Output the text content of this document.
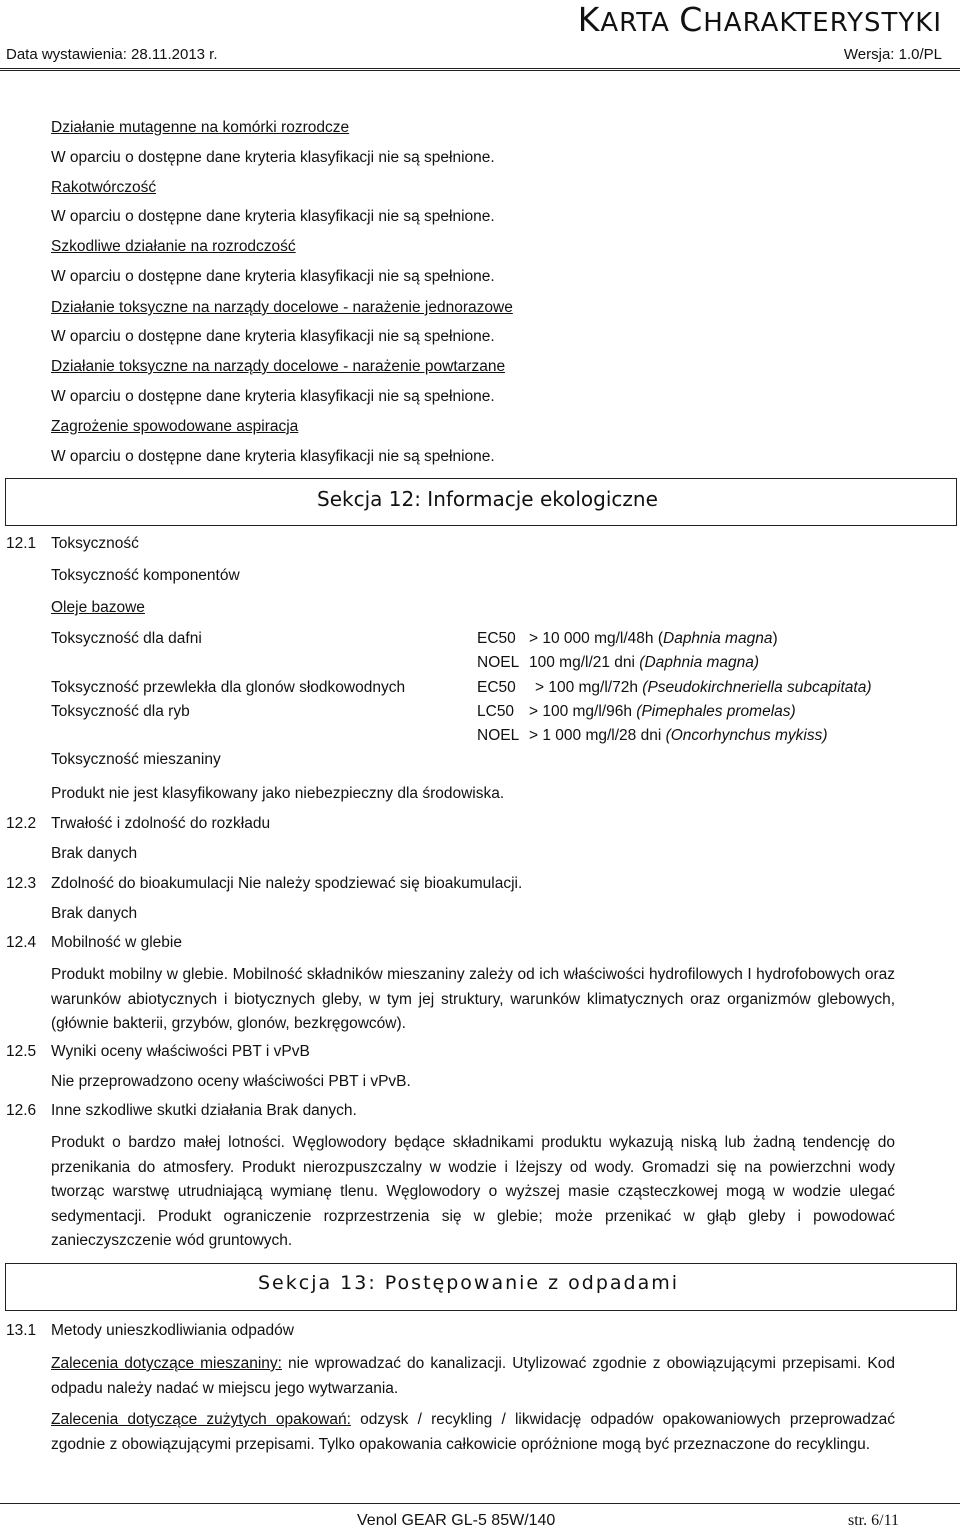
KARTA CHARAKTERYSTYKI
Data wystawienia: 28.11.2013 r.	Wersja: 1.0/PL
Działanie mutagenne na komórki rozrodcze
W oparciu o dostępne dane kryteria klasyfikacji nie są spełnione.
Rakotwórczość
W oparciu o dostępne dane kryteria klasyfikacji nie są spełnione.
Szkodliwe działanie na rozrodczość
W oparciu o dostępne dane kryteria klasyfikacji nie są spełnione.
Działanie toksyczne na narządy docelowe - narażenie jednorazowe
W oparciu o dostępne dane kryteria klasyfikacji nie są spełnione.
Działanie toksyczne na narządy docelowe - narażenie powtarzane
W oparciu o dostępne dane kryteria klasyfikacji nie są spełnione.
Zagrożenie spowodowane aspiracja
W oparciu o dostępne dane kryteria klasyfikacji nie są spełnione.
Sekcja 12: Informacje ekologiczne
12.1 Toksyczność
Toksyczność komponentów
Oleje bazowe
Toksyczność dla dafni
Toksyczność przewlekła dla glonów słodkowodnych
Toksyczność dla ryb
EC50 > 10 000 mg/l/48h (Daphnia magna)
NOEL 100 mg/l/21 dni (Daphnia magna)
EC50 > 100 mg/l/72h (Pseudokirchneriella subcapitata)
LC50 > 100 mg/l/96h (Pimephales promelas)
NOEL > 1 000 mg/l/28 dni (Oncorhynchus mykiss)
Toksyczność mieszaniny
Produkt nie jest klasyfikowany jako niebezpieczny dla środowiska.
12.2 Trwałość i zdolność do rozkładu
Brak danych
12.3 Zdolność do bioakumulacji Nie należy spodziewać się bioakumulacji.
Brak danych
12.4 Mobilność w glebie
Produkt mobilny w glebie. Mobilność składników mieszaniny zależy od ich właściwości hydrofilowych I hydrofobowych oraz warunków abiotycznych i biotycznych gleby, w tym jej struktury, warunków klimatycznych oraz organizmów glebowych, (głównie bakterii, grzybów, glonów, bezkręgowców).
12.5 Wyniki oceny właściwości PBT i vPvB
Nie przeprowadzono oceny właściwości PBT i vPvB.
12.6 Inne szkodliwe skutki działania Brak danych.
Produkt o bardzo małej lotności. Węglowodory będące składnikami produktu wykazują niską lub żadną tendencję do przenikania do atmosfery. Produkt nierozpuszczalny w wodzie i lżejszy od wody. Gromadzi się na powierzchni wody tworząc warstwę utrudniającą wymianę tlenu. Węglowodory o wyższej masie cząsteczkowej mogą w wodzie ulegać sedymentacji. Produkt ograniczenie rozprzestrzenia się w glebie; może przenikać w głąb gleby i powodować zanieczyszczenie wód gruntowych.
Sekcja 13: Postępowanie z odpadami
13.1 Metody unieszkodliwiania odpadów
Zalecenia dotyczące mieszaniny: nie wprowadzać do kanalizacji. Utylizować zgodnie z obowiązującymi przepisami. Kod odpadu należy nadać w miejscu jego wytwarzania.
Zalecenia dotyczące zużytych opakowań: odzysk / recykling / likwidację odpadów opakowaniowych przeprowadzać zgodnie z obowiązującymi przepisami. Tylko opakowania całkowicie opróżnione mogą być przeznaczone do recyklingu.
Venol GEAR GL-5 85W/140	str. 6/11
